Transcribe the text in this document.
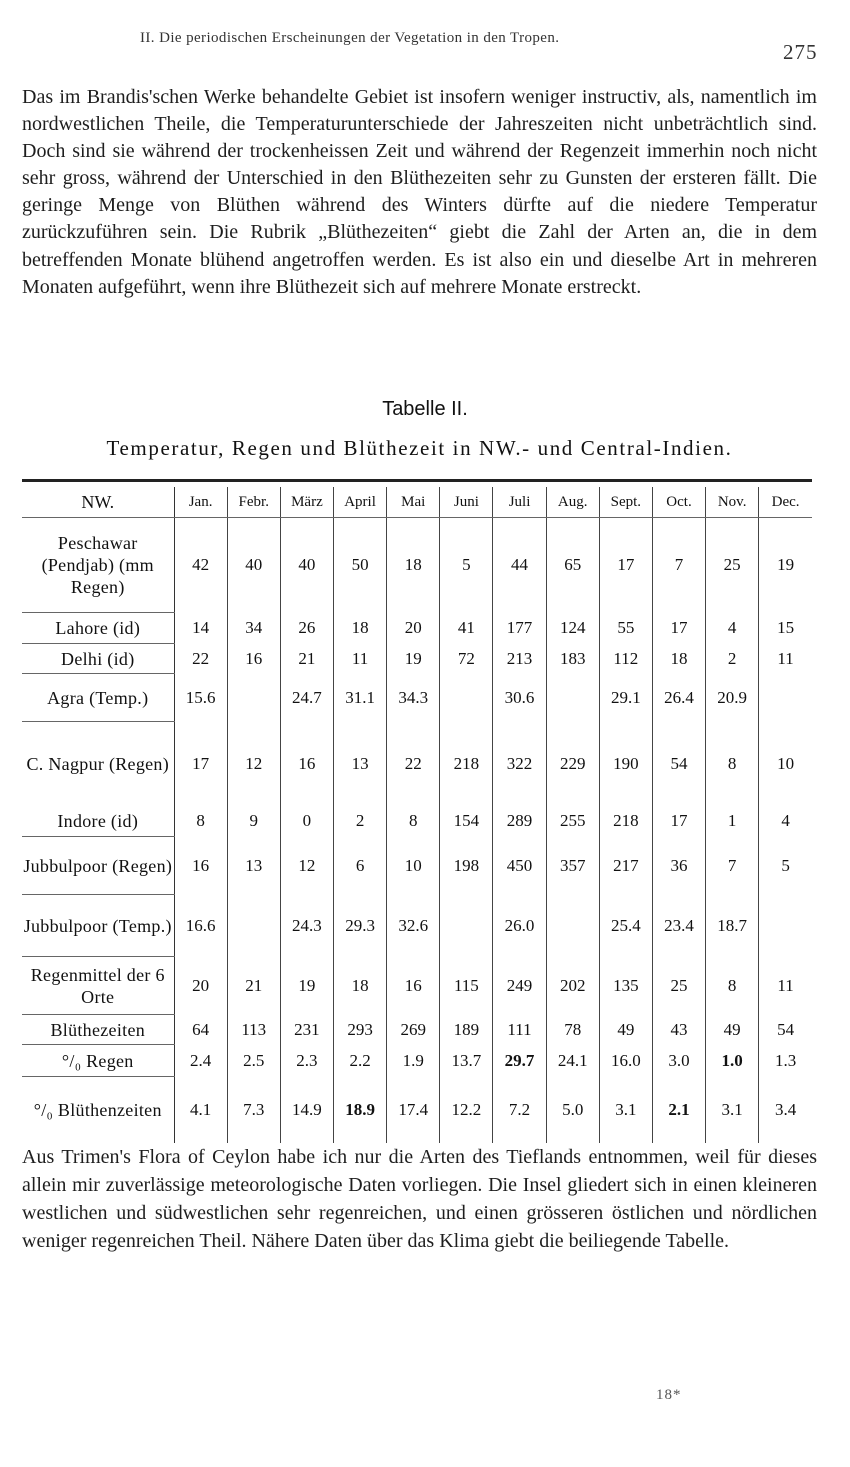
II. Die periodischen Erscheinungen der Vegetation in den Tropen.
275
Das im Brandis'schen Werke behandelte Gebiet ist insofern weniger instructiv, als, namentlich im nordwestlichen Theile, die Temperaturunterschiede der Jahreszeiten nicht unbeträchtlich sind. Doch sind sie während der trockenheissen Zeit und während der Regenzeit immerhin noch nicht sehr gross, während der Unterschied in den Blüthezeiten sehr zu Gunsten der ersteren fällt. Die geringe Menge von Blüthen während des Winters dürfte auf die niedere Temperatur zurückzuführen sein. Die Rubrik „Blüthezeiten“ giebt die Zahl der Arten an, die in dem betreffenden Monate blühend angetroffen werden. Es ist also ein und dieselbe Art in mehreren Monaten aufgeführt, wenn ihre Blüthezeit sich auf mehrere Monate erstreckt.
Tabelle II.
Temperatur, Regen und Blüthezeit in NW.- und Central-Indien.
NW.	Jan.	Febr.	März	April	Mai	Juni	Juli	Aug.	Sept.	Oct.	Nov.	Dec.
Peschawar (Pendjab) (mm Regen)	42	40	40	50	18	5	44	65	17	7	25	19
Lahore (id)	14	34	26	18	20	41	177	124	55	17	4	15
Delhi (id)	22	16	21	11	19	72	213	183	112	18	2	11
Agra (Temp.)	15.6		24.7	31.1	34.3		30.6		29.1	26.4	20.9	
C. Nagpur (Regen)	17	12	16	13	22	218	322	229	190	54	8	10
Indore (id)	8	9	0	2	8	154	289	255	218	17	1	4
Jubbulpoor (Regen)	16	13	12	6	10	198	450	357	217	36	7	5
Jubbulpoor (Temp.)	16.6		24.3	29.3	32.6		26.0		25.4	23.4	18.7	
Regenmittel der 6 Orte	20	21	19	18	16	115	249	202	135	25	8	11
Blüthezeiten	64	113	231	293	269	189	111	78	49	43	49	54
°/₀ Regen	2.4	2.5	2.3	2.2	1.9	13.7	29.7	24.1	16.0	3.0	1.0	1.3
°/₀ Blüthenzeiten	4.1	7.3	14.9	18.9	17.4	12.2	7.2	5.0	3.1	2.1	3.1	3.4
Aus Trimen's Flora of Ceylon habe ich nur die Arten des Tieflands entnommen, weil für dieses allein mir zuverlässige meteorologische Daten vorliegen. Die Insel gliedert sich in einen kleineren westlichen und südwestlichen sehr regenreichen, und einen grösseren östlichen und nördlichen weniger regenreichen Theil. Nähere Daten über das Klima giebt die beiliegende Tabelle.
18*
